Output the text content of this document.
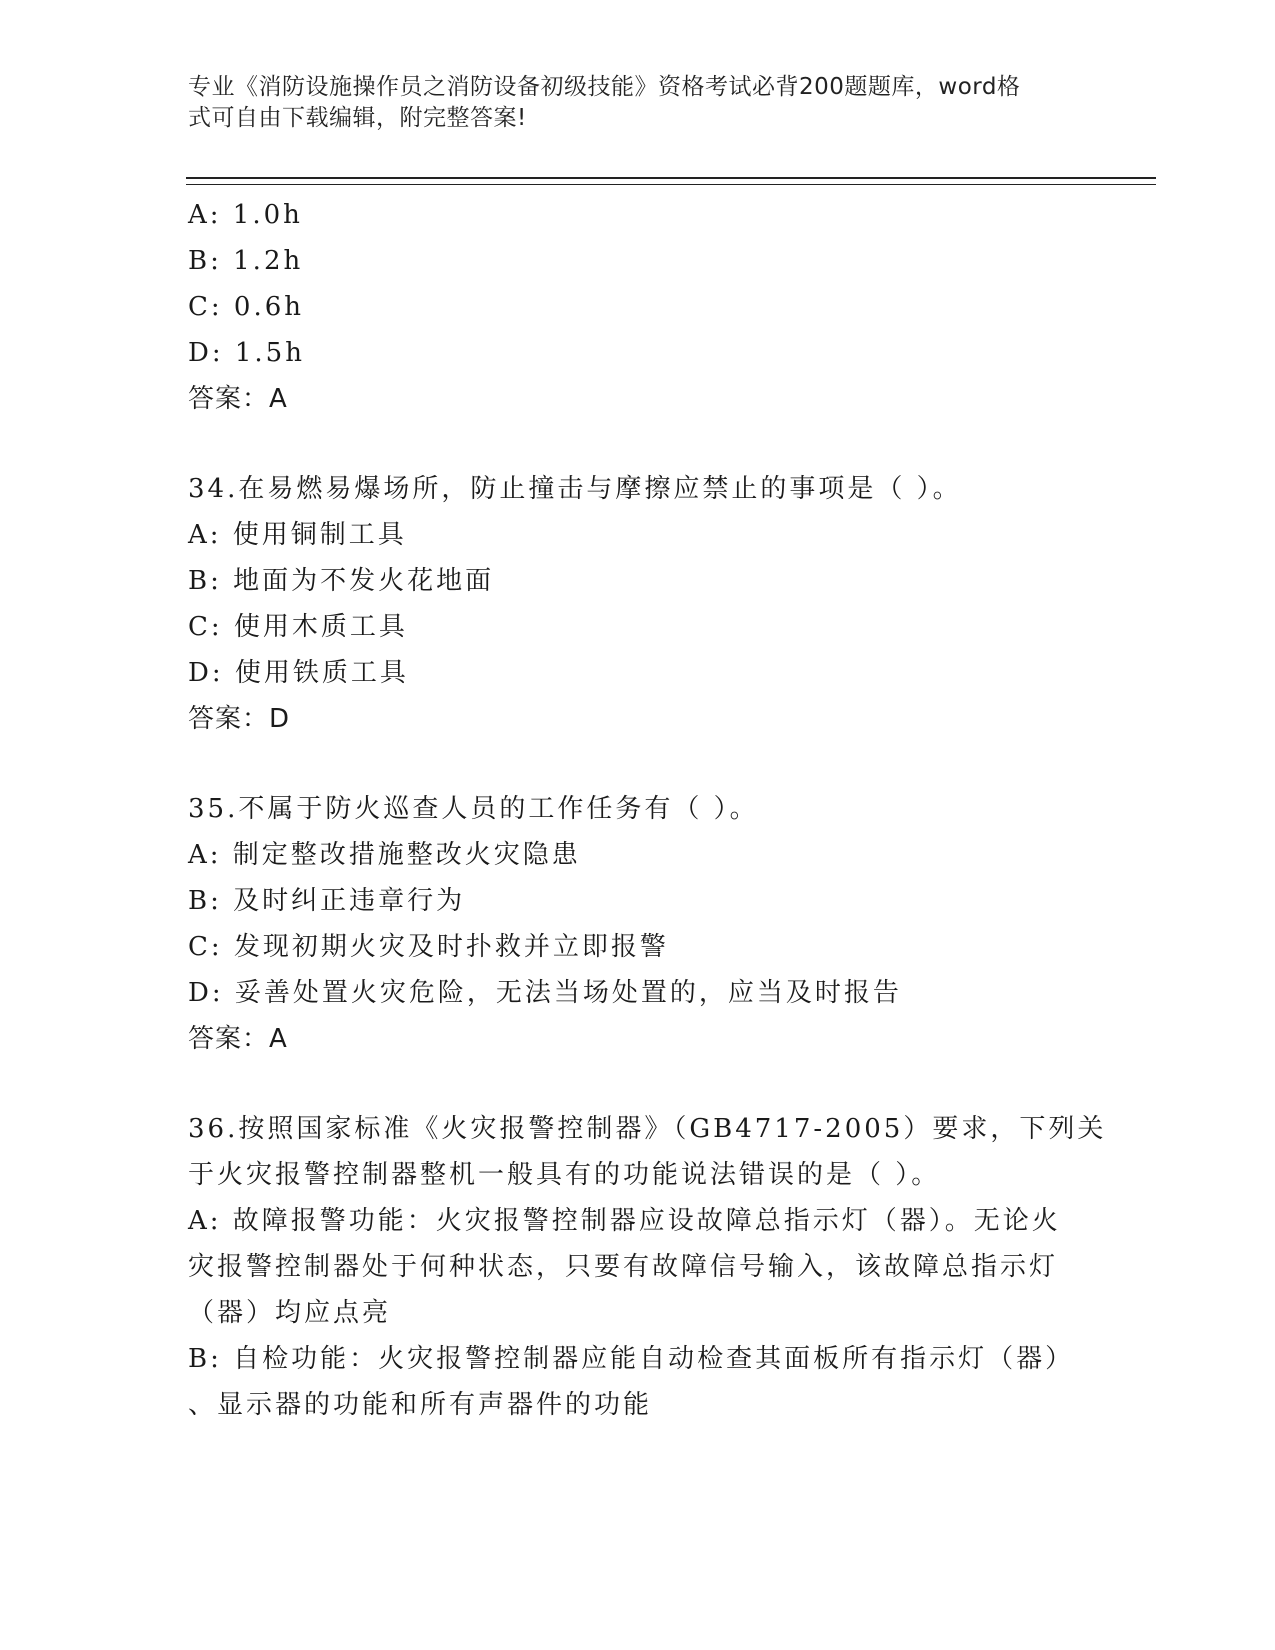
专业《消防设施操作员之消防设备初级技能》资格考试必背200题题库，word格
式可自由下载编辑，附完整答案!
A: 1.0h
B: 1.2h
C: 0.6h
D: 1.5h
答案：A
34.在易燃易爆场所，防止撞击与摩擦应禁止的事项是（ ）。
A: 使用铜制工具
B: 地面为不发火花地面
C: 使用木质工具
D: 使用铁质工具
答案：D
35.不属于防火巡查人员的工作任务有（ ）。
A: 制定整改措施整改火灾隐患
B: 及时纠正违章行为
C: 发现初期火灾及时扑救并立即报警
D: 妥善处置火灾危险，无法当场处置的，应当及时报告
答案：A
36.按照国家标准《火灾报警控制器》（GB4717-2005）要求，下列关
于火灾报警控制器整机一般具有的功能说法错误的是（ ）。
A: 故障报警功能：火灾报警控制器应设故障总指示灯（器）。无论火
灾报警控制器处于何种状态，只要有故障信号输入，该故障总指示灯
（器）均应点亮
B: 自检功能：火灾报警控制器应能自动检查其面板所有指示灯（器）
、显示器的功能和所有声器件的功能
